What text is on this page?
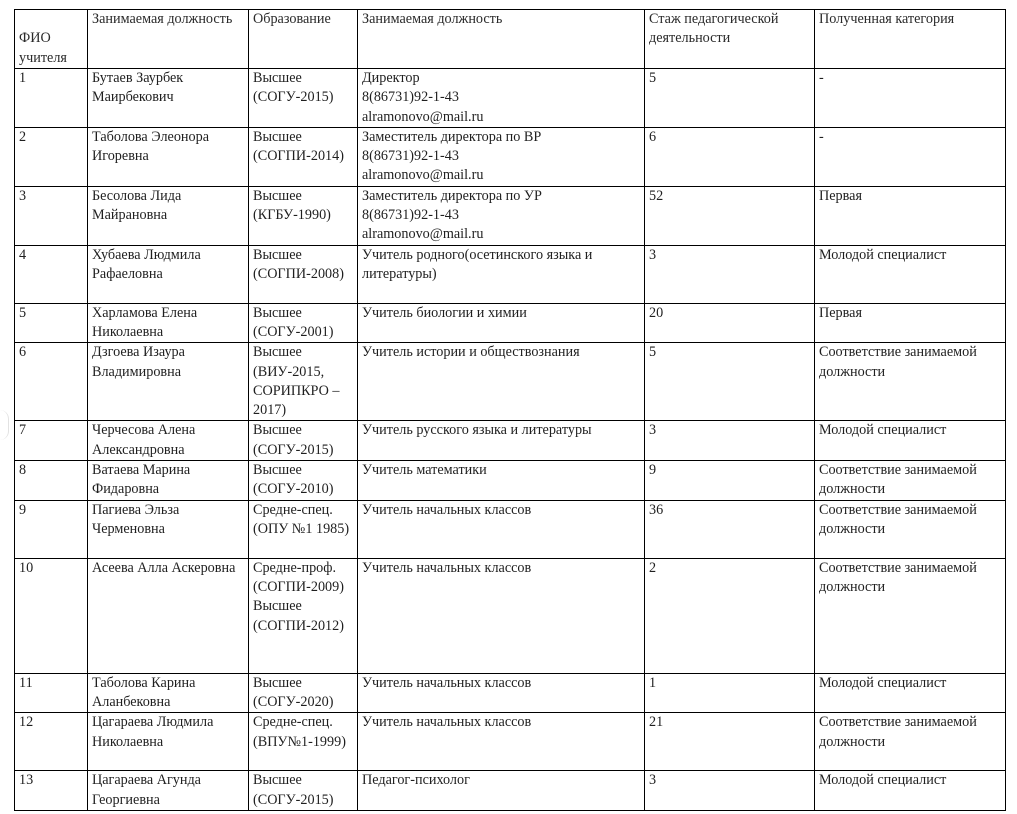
ФИО учителя	Занимаемая должность	Образование	Занимаемая должность	Стаж педагогической деятельности	Полученная категория
1	Бутаев Заурбек Маирбекович	Высшее (СОГУ-2015)	Директор
8(86731)92-1-43
alramonovo@mail.ru	5	-
2	Таболова Элеонора Игоревна	Высшее (СОГПИ-2014)	Заместитель директора по ВР
8(86731)92-1-43
alramonovo@mail.ru	6	-
3	Бесолова Лида Майрановна	Высшее (КГБУ-1990)	Заместитель директора по УР
8(86731)92-1-43
alramonovo@mail.ru	52	Первая
4	Хубаева Людмила Рафаеловна	Высшее (СОГПИ-2008)	Учитель родного(осетинского языка и литературы)	3	Молодой специалист
5	Харламова Елена Николаевна	Высшее (СОГУ-2001)	Учитель биологии и химии	20	Первая
6	Дзгоева Изаура Владимировна	Высшее (ВИУ-2015, СОРИПКРО – 2017)	Учитель истории и обществознания	5	Соответствие занимаемой должности
7	Черчесова Алена Александровна	Высшее (СОГУ-2015)	Учитель русского языка и литературы	3	Молодой специалист
8	Ватаева Марина Фидаровна	Высшее (СОГУ-2010)	Учитель математики	9	Соответствие занимаемой должности
9	Пагиева Эльза Черменовна	Средне-спец. (ОПУ №1 1985)	Учитель начальных классов	36	Соответствие занимаемой должности
10	Асеева Алла Аскеровна	Средне-проф. (СОГПИ-2009)
Высшее (СОГПИ-2012)	Учитель начальных классов	2	Соответствие занимаемой должности
11	Таболова Карина Аланбековна	Высшее (СОГУ-2020)	Учитель начальных классов	1	Молодой специалист
12	Цагараева Людмила Николаевна	Средне-спец. (ВПУ№1-1999)	Учитель начальных классов	21	Соответствие занимаемой должности
13	Цагараева Агунда Георгиевна	Высшее (СОГУ-2015)	Педагог-психолог	3	Молодой специалист
